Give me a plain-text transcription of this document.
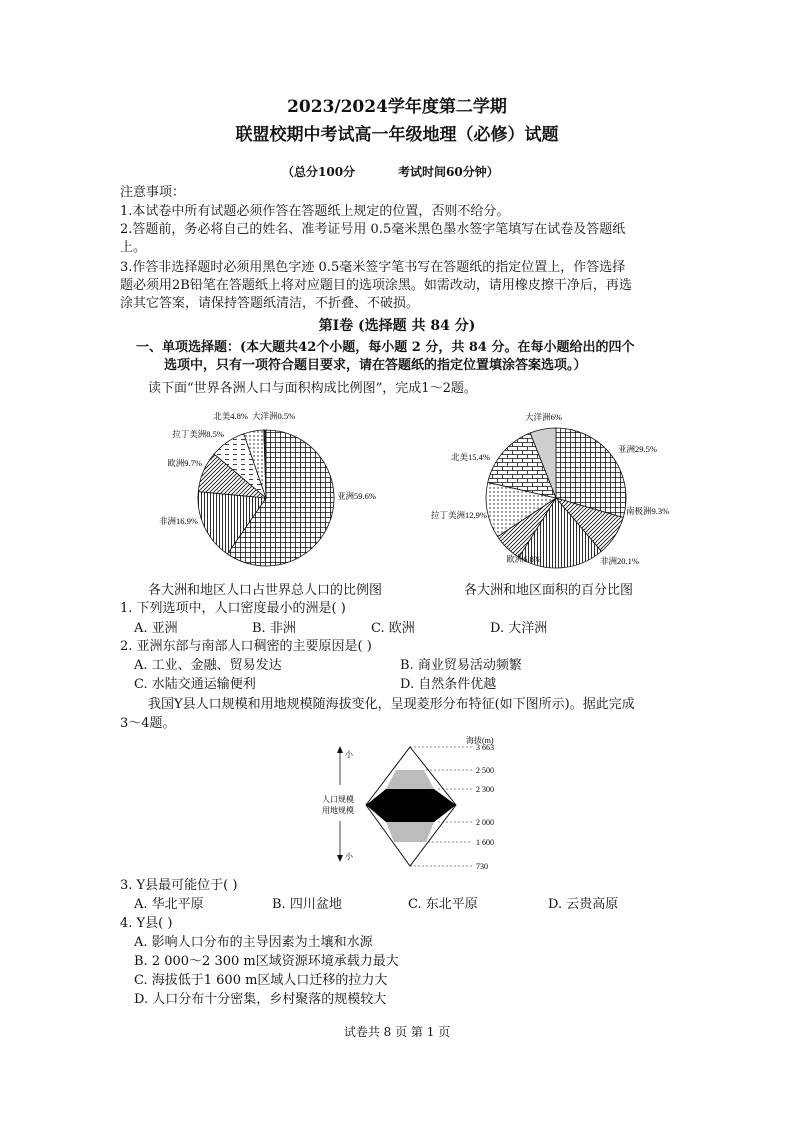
2023/2024学年度第二学期
联盟校期中考试高一年级地理（必修）试题
（总分100分	考试时间60分钟）
注意事项：
1.本试卷中所有试题必须作答在答题纸上规定的位置，否则不给分。
2.答题前，务必将自己的姓名、准考证号用 0.5毫米黑色墨水签字笔填写在试卷及答题纸
上。
3.作答非选择题时必须用黑色字迹 0.5毫米签字笔书写在答题纸的指定位置上，作答选择
题必须用2B铅笔在答题纸上将对应题目的选项涂黑。如需改动，请用橡皮擦干净后，再选
涂其它答案，请保持答题纸清洁，不折叠、不破损。
第Ⅰ卷 (选择题 共 84 分)
一、单项选择题：(本大题共42个小题，每小题 2 分，共 84 分。在每小题给出的四个
选项中，只有一项符合题目要求，请在答题纸的指定位置填涂答案选项。）
读下面“世界各洲人口与面积构成比例图”，完成1～2题。
亚洲59.6%
非洲16.9%
欧洲9.7%
拉丁美洲8.5%
北美4.8% 大洋洲0.5%
亚洲29.5%
南极洲9.3%
非洲20.1%
欧洲6.8%
拉丁美洲12.9%
北美15.4%
大洋洲6%
各大洲和地区人口占世界总人口的比例图	各大洲和地区面积的百分比图
1. 下列选项中，人口密度最小的洲是( )
A. 亚洲	B. 非洲	C. 欧洲	D. 大洋洲
2. 亚洲东部与南部人口稠密的主要原因是( )
A. 工业、金融、贸易发达	B. 商业贸易活动频繁
C. 水陆交通运输便利	D. 自然条件优越
我国Y县人口规模和用地规模随海拔变化，呈现菱形分布特征(如下图所示)。据此完成
3～4题。
海拔(m)
3 663
2 500
2 300
2 000
1 600
730
小
小
人口规模
用地规模
3. Y县最可能位于( )
A. 华北平原	B. 四川盆地	C. 东北平原	D. 云贵高原
4. Y县( )
A. 影响人口分布的主导因素为土壤和水源
B. 2 000～2 300 m区域资源环境承载力最大
C. 海拔低于1 600 m区域人口迁移的拉力大
D. 人口分布十分密集，乡村聚落的规模较大
试卷共 8 页 第 1 页
